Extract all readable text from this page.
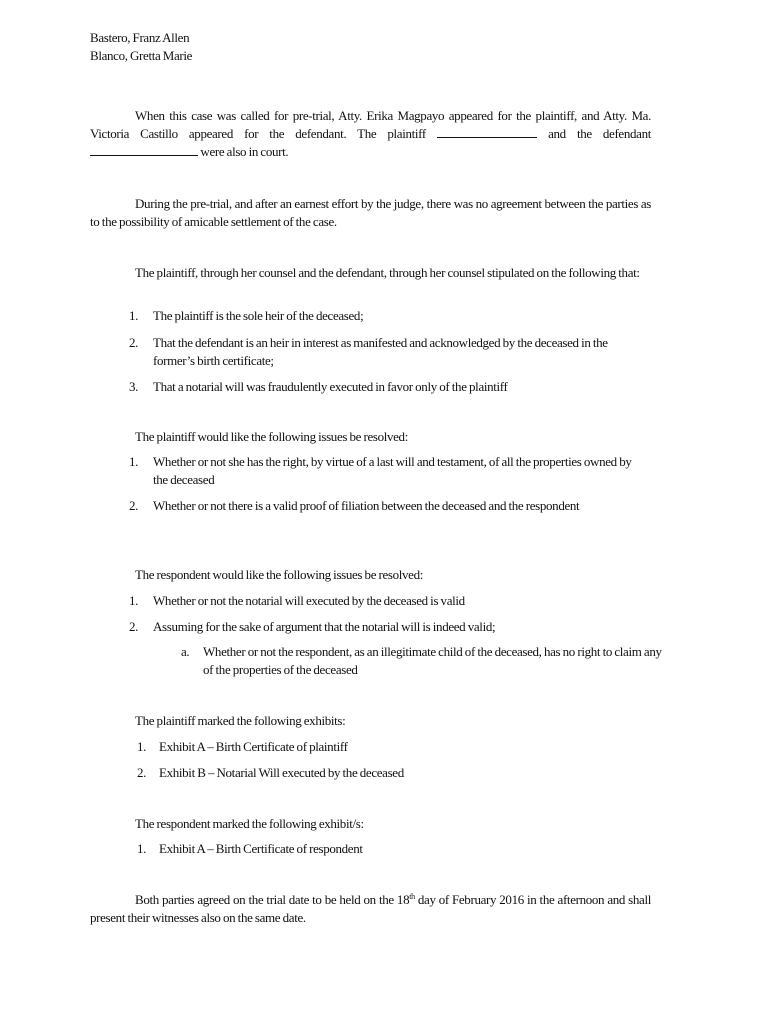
Bastero, Franz Allen
Blanco, Gretta Marie

When this case was called for pre-trial, Atty. Erika Magpayo appeared for the plaintiff, and Atty. Ma. Victoria Castillo appeared for the defendant. The plaintiff	and the defendant  were also in court.

During the pre-trial, and after an earnest effort by the judge, there was no agreement between the parties as to the possibility of amicable settlement of the case.

The plaintiff, through her counsel and the defendant, through her counsel stipulated on the following that:

1. The plaintiff is the sole heir of the deceased;
2. That the defendant is an heir in interest as manifested and acknowledged by the deceased in the former’s birth certificate;
3. That a notarial will was fraudulently executed in favor only of the plaintiff

The plaintiff would like the following issues be resolved:

1. Whether or not she has the right, by virtue of a last will and testament, of all the properties owned by the deceased
2. Whether or not there is a valid proof of filiation between the deceased and the respondent

The respondent would like the following issues be resolved:

1. Whether or not the notarial will executed by the deceased is valid
2. Assuming for the sake of argument that the notarial will is indeed valid;
a. Whether or not the respondent, as an illegitimate child of the deceased, has no right to claim any of the properties of the deceased

The plaintiff marked the following exhibits:

1. Exhibit A – Birth Certificate of plaintiff
2. Exhibit B – Notarial Will executed by the deceased

The respondent marked the following exhibit/s:

1. Exhibit A – Birth Certificate of respondent

Both parties agreed on the trial date to be held on the 18th day of February 2016 in the afternoon and shall present their witnesses also on the same date.
